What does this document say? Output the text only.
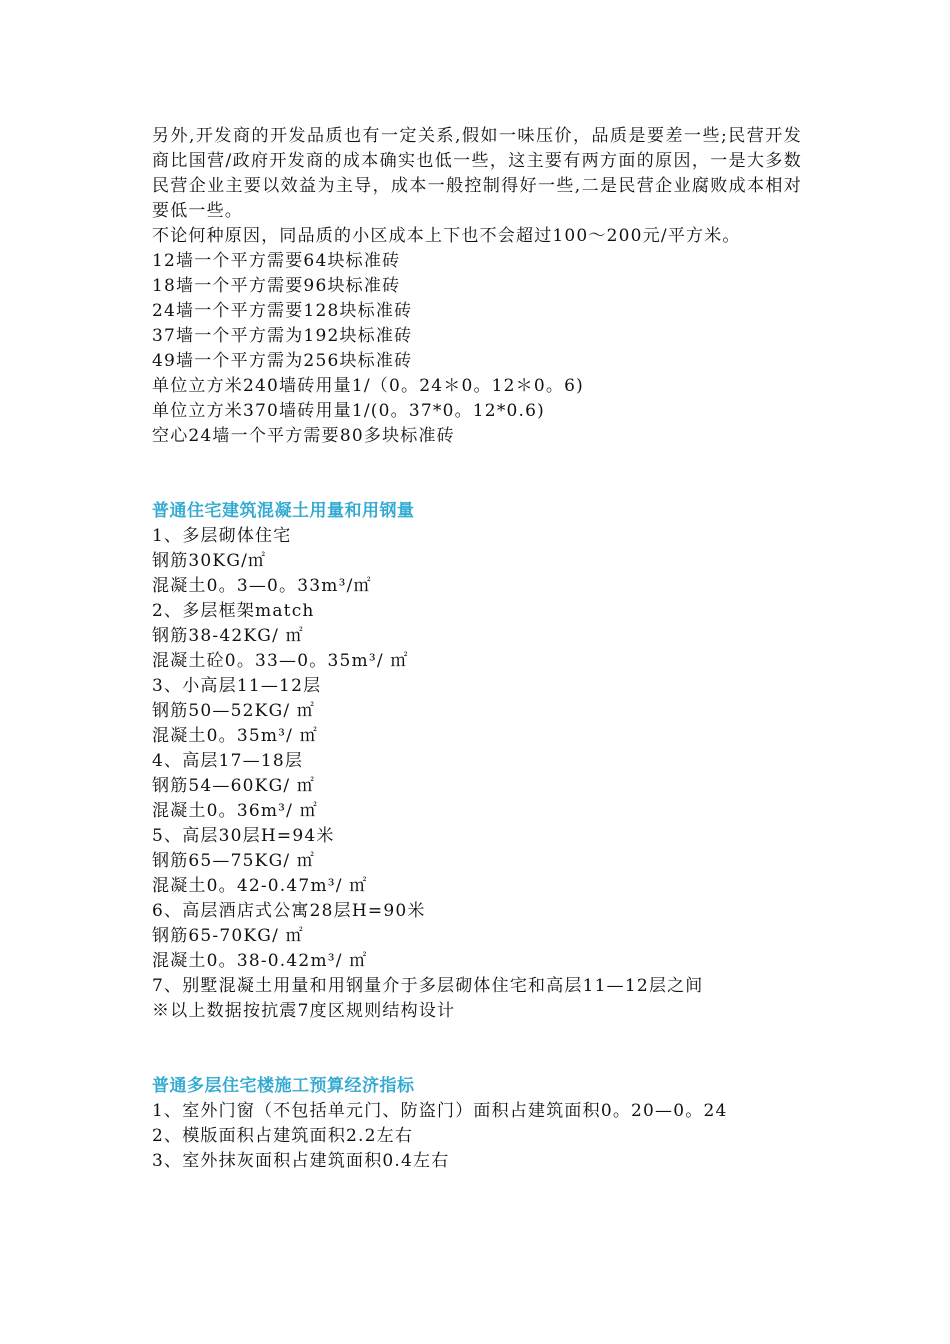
另外,开发商的开发品质也有一定关系,假如一味压价，品质是要差一些;民营开发商比国营/政府开发商的成本确实也低一些，这主要有两方面的原因，一是大多数民营企业主要以效益为主导，成本一般控制得好一些,二是民营企业腐败成本相对要低一些。
不论何种原因，同品质的小区成本上下也不会超过100～200元/平方米。
12墙一个平方需要64块标准砖
18墙一个平方需要96块标准砖
24墙一个平方需要128块标准砖
37墙一个平方需为192块标准砖
49墙一个平方需为256块标准砖
单位立方米240墙砖用量1/（0。24＊0。12＊0。6)
单位立方米370墙砖用量1/(0。37*0。12*0.6)
空心24墙一个平方需要80多块标准砖
普通住宅建筑混凝土用量和用钢量
1、多层砌体住宅
钢筋30KG/㎡
混凝土0。3—0。33m³/㎡
2、多层框架match
钢筋38-42KG/ ㎡
混凝土砼0。33—0。35m³/ ㎡
3、小高层11—12层
钢筋50—52KG/ ㎡
混凝土0。35m³/ ㎡
4、高层17—18层
钢筋54—60KG/ ㎡
混凝土0。36m³/ ㎡
5、高层30层H=94米
钢筋65—75KG/ ㎡
混凝土0。42-0.47m³/ ㎡
6、高层酒店式公寓28层H=90米
钢筋65-70KG/ ㎡
混凝土0。38-0.42m³/ ㎡
7、别墅混凝土用量和用钢量介于多层砌体住宅和高层11—12层之间
※以上数据按抗震7度区规则结构设计
普通多层住宅楼施工预算经济指标
1、室外门窗（不包括单元门、防盗门）面积占建筑面积0。20—0。24
2、模版面积占建筑面积2.2左右
3、室外抹灰面积占建筑面积0.4左右
